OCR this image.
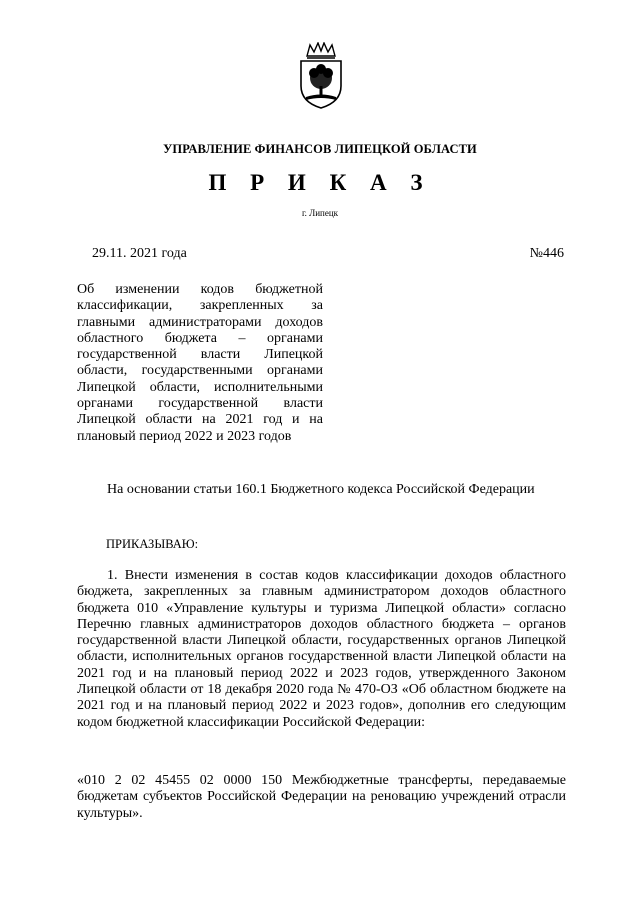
УПРАВЛЕНИЕ ФИНАНСОВ ЛИПЕЦКОЙ ОБЛАСТИ
П Р И К А З
г. Липецк
29.11. 2021 года	№446
Об изменении кодов бюджетной классификации, закрепленных за главными администраторами доходов областного бюджета – органами государственной власти Липецкой области, государственными органами Липецкой области, исполнительными органами государственной власти Липецкой области на 2021 год и на плановый период 2022 и 2023 годов
На основании статьи 160.1 Бюджетного кодекса Российской Федерации
ПРИКАЗЫВАЮ:
1. Внести изменения в состав кодов классификации доходов областного бюджета, закрепленных за главным администратором доходов областного бюджета 010 «Управление культуры и туризма Липецкой области» согласно Перечню главных администраторов доходов областного бюджета – органов государственной власти Липецкой области, государственных органов Липецкой области, исполнительных органов государственной власти Липецкой области на 2021 год и на плановый период 2022 и 2023 годов, утвержденного Законом Липецкой области от 18 декабря 2020 года № 470-ОЗ «Об областном бюджете на 2021 год и на плановый период 2022 и 2023 годов», дополнив его следующим кодом бюджетной классификации Российской Федерации:
«010 2 02 45455 02 0000 150 Межбюджетные трансферты, передаваемые бюджетам субъектов Российской Федерации на реновацию учреждений отрасли культуры».
